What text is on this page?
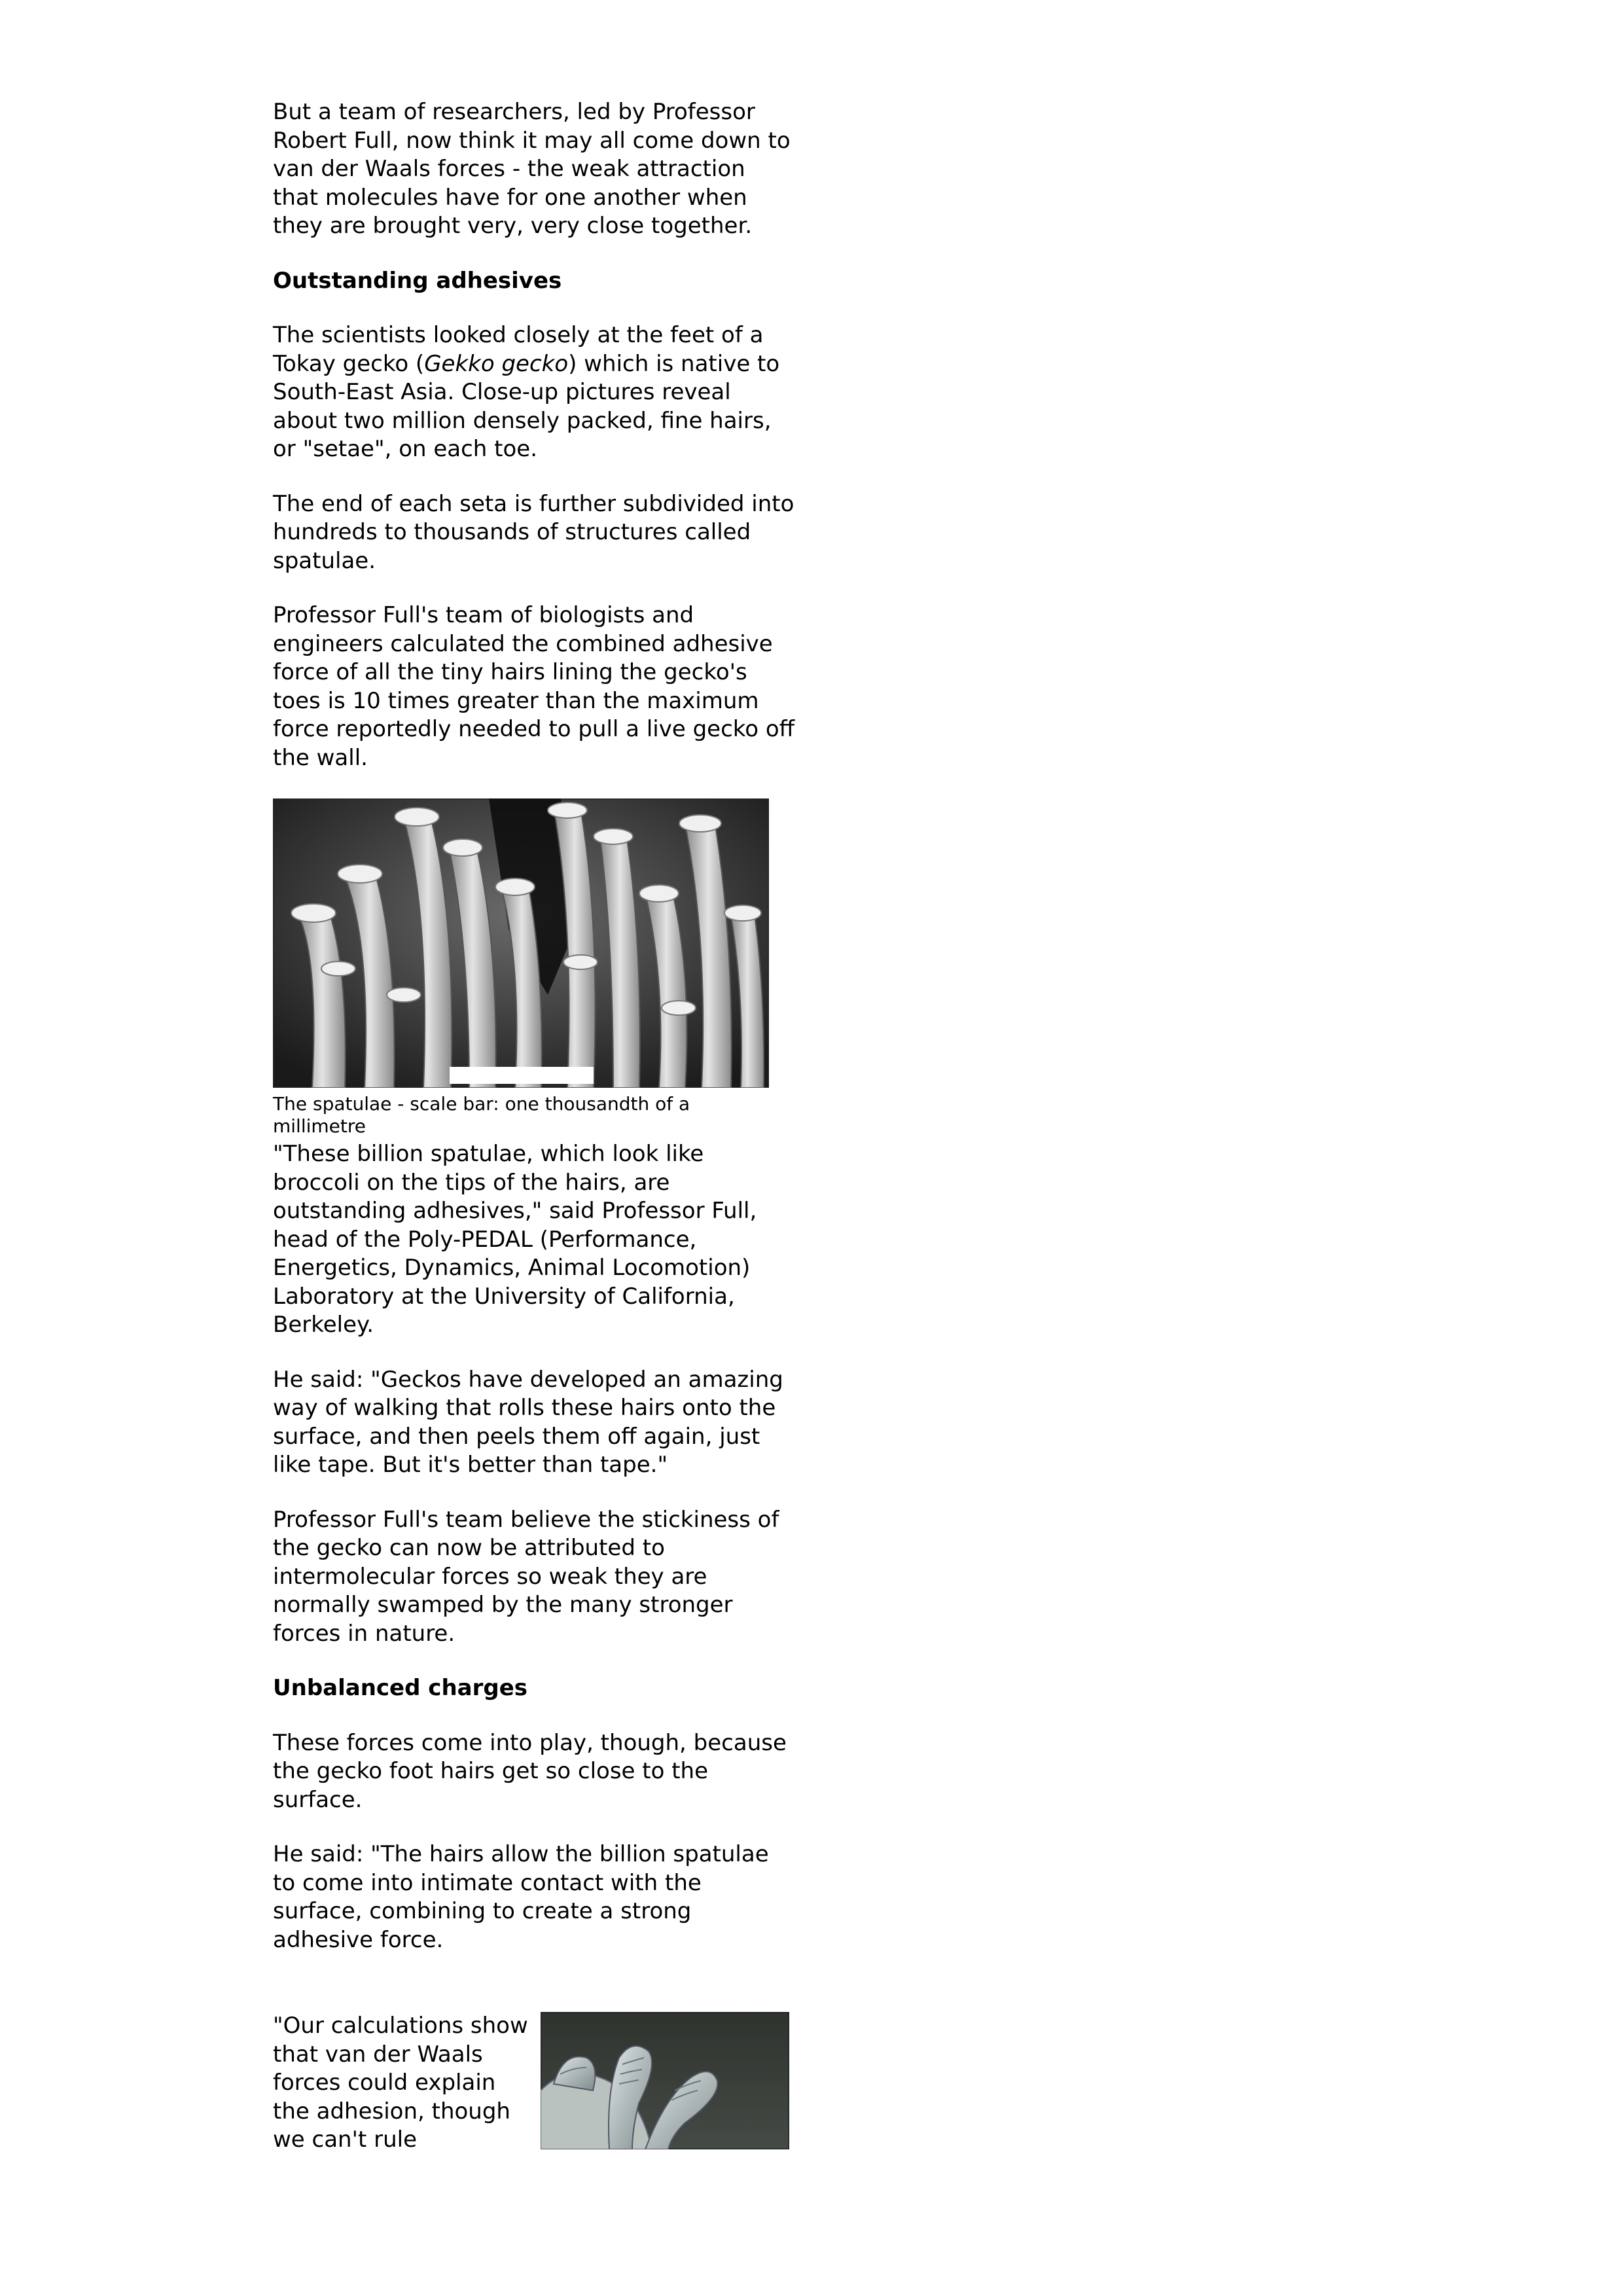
But a team of researchers, led by Professor Robert Full, now think it may all come down to van der Waals forces - the weak attraction that molecules have for one another when they are brought very, very close together.

Outstanding adhesives

The scientists looked closely at the feet of a Tokay gecko (Gekko gecko) which is native to South-East Asia. Close-up pictures reveal about two million densely packed, fine hairs, or "setae", on each toe.

The end of each seta is further subdivided into hundreds to thousands of structures called spatulae.

Professor Full's team of biologists and engineers calculated the combined adhesive force of all the tiny hairs lining the gecko's toes is 10 times greater than the maximum force reportedly needed to pull a live gecko off the wall.

The spatulae - scale bar: one thousandth of a millimetre

"These billion spatulae, which look like broccoli on the tips of the hairs, are outstanding adhesives," said Professor Full, head of the Poly-PEDAL (Performance, Energetics, Dynamics, Animal Locomotion) Laboratory at the University of California, Berkeley.

He said: "Geckos have developed an amazing way of walking that rolls these hairs onto the surface, and then peels them off again, just like tape. But it's better than tape."

Professor Full's team believe the stickiness of the gecko can now be attributed to intermolecular forces so weak they are normally swamped by the many stronger forces in nature.

Unbalanced charges

These forces come into play, though, because the gecko foot hairs get so close to the surface.

He said: "The hairs allow the billion spatulae to come into intimate contact with the surface, combining to create a strong adhesive force.

"Our calculations show that van der Waals forces could explain the adhesion, though we can't rule
